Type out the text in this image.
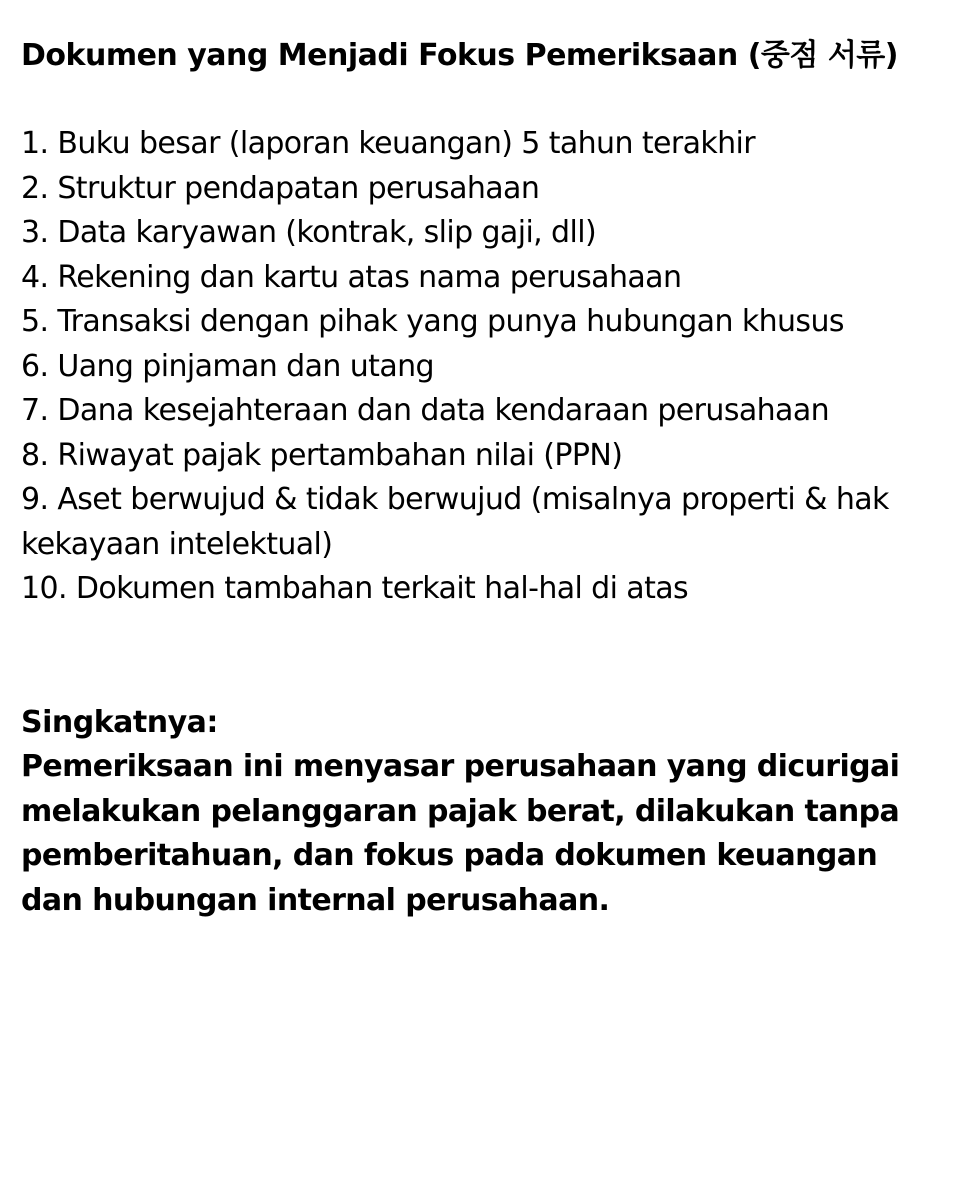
Dokumen yang Menjadi Fokus Pemeriksaan (중점 서류)
1. Buku besar (laporan keuangan) 5 tahun terakhir
2. Struktur pendapatan perusahaan
3. Data karyawan (kontrak, slip gaji, dll)
4. Rekening dan kartu atas nama perusahaan
5. Transaksi dengan pihak yang punya hubungan khusus
6. Uang pinjaman dan utang
7. Dana kesejahteraan dan data kendaraan perusahaan
8. Riwayat pajak pertambahan nilai (PPN)
9. Aset berwujud & tidak berwujud (misalnya properti & hak kekayaan intelektual)
10. Dokumen tambahan terkait hal-hal di atas

Singkatnya:

Pemeriksaan ini menyasar perusahaan yang dicurigai melakukan pelanggaran pajak berat, dilakukan tanpa pemberitahuan, dan fokus pada dokumen keuangan dan hubungan internal perusahaan.
